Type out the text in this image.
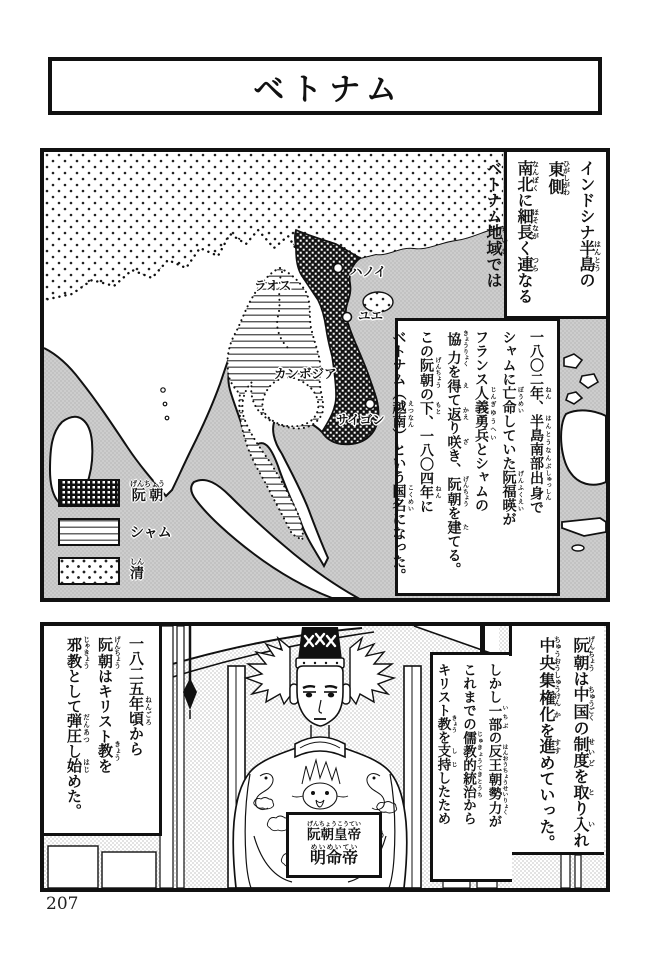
ベトナム
ハノイ
ラオス
ユエ
カンボジア
サイゴン
阮朝げんちょう
シャム
清しん
インドシナ半島 はんとうの東側 ひがしがわ
南北 なんぼくに細長 ほそながく連 つらなる
ベトナム地域 ちいきでは
一八〇二年 ねん、半島南部 はんとうなんぶ出身 しゅっしんで
シャムに亡命 ぼうめいしていた阮福暎 げんふくえいが
フランス人 じん義勇兵 ぎゆうへいとシャムの
協力 きょうりょくを得 えて返 かえり咲 ざき、阮朝 げんちょうを建 たてる。
この阮朝 げんちょうの下 もと、一八〇四年 ねんに
ベトナム（越南 えつなん）という国名 こくめいになった。
阮朝 げんちょうは中国 ちゅうごくの制度 せいどを取 とり入 いれ
中央集権 ちゅうおうしゅうけん化 かを進 すすめていった。
しかし一部 いちぶの反王朝勢力 はんおうちょうせいりょくが
これまでの儒教的統治 じゅきょうてきとうちから
キリスト教 きょうを支持 しじしたため
一八二五年頃 ねんごろから
阮朝 げんちょうはキリスト教 きょうを
邪教 じゃきょうとして弾圧 だんあつし始 はじめた。
阮朝皇帝げんちょうこうてい
明命帝めいめいてい
207
